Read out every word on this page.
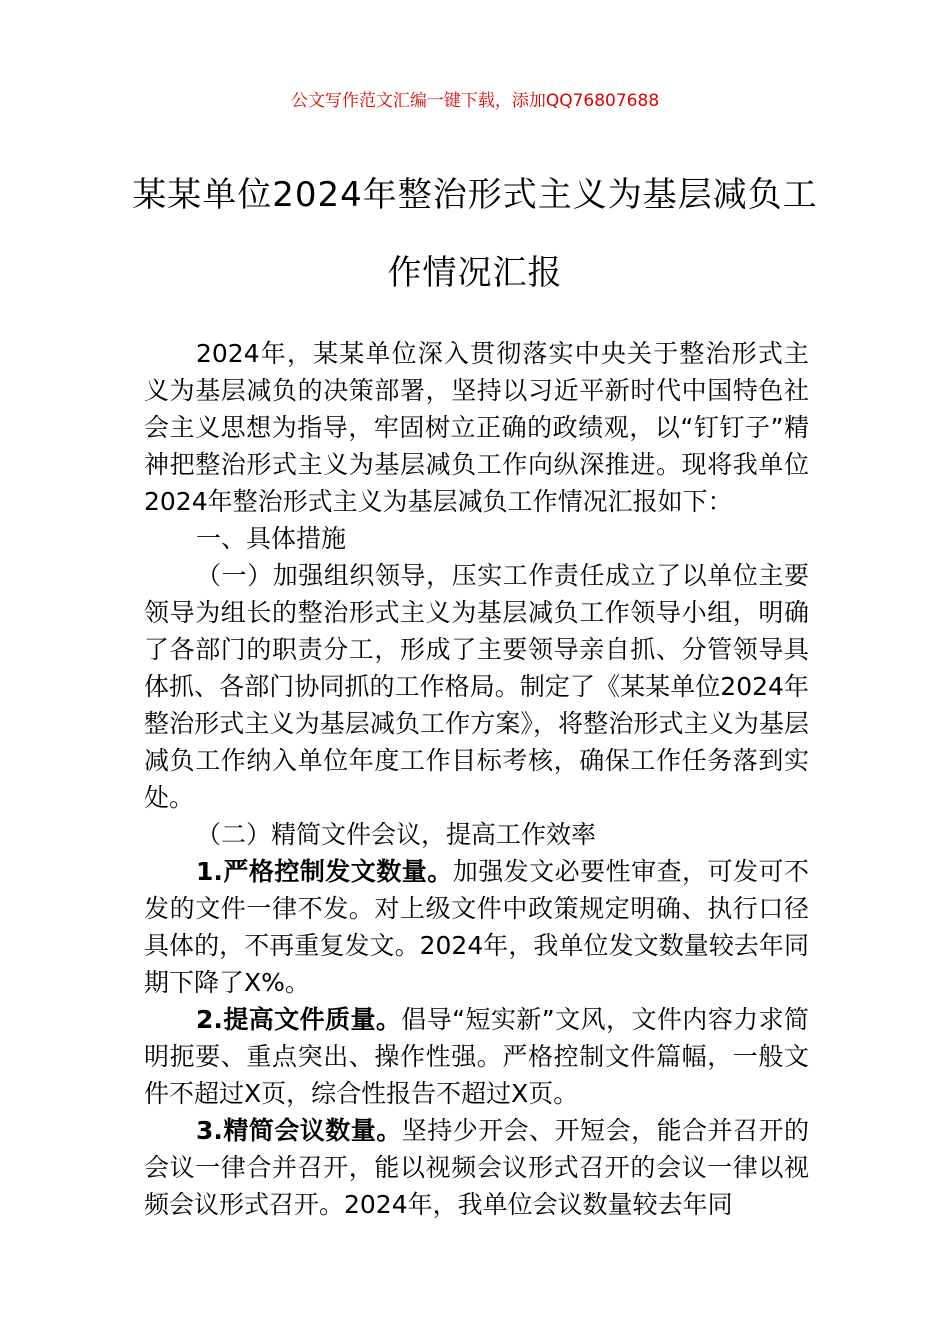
公文写作范文汇编一键下载，添加QQ76807688
某某单位2024年整治形式主义为基层减负工作情况汇报

2024年，某某单位深入贯彻落实中央关于整治形式主义为基层减负的决策部署，坚持以习近平新时代中国特色社会主义思想为指导，牢固树立正确的政绩观，以“钉钉子”精神把整治形式主义为基层减负工作向纵深推进。现将我单位2024年整治形式主义为基层减负工作情况汇报如下：

一、具体措施

（一）加强组织领导，压实工作责任成立了以单位主要领导为组长的整治形式主义为基层减负工作领导小组，明确了各部门的职责分工，形成了主要领导亲自抓、分管领导具体抓、各部门协同抓的工作格局。制定了《某某单位2024年整治形式主义为基层减负工作方案》，将整治形式主义为基层减负工作纳入单位年度工作目标考核，确保工作任务落到实处。

（二）精简文件会议，提高工作效率

1.严格控制发文数量。加强发文必要性审查，可发可不发的文件一律不发。对上级文件中政策规定明确、执行口径具体的，不再重复发文。2024年，我单位发文数量较去年同期下降了X%。

2.提高文件质量。倡导“短实新”文风，文件内容力求简明扼要、重点突出、操作性强。严格控制文件篇幅，一般文件不超过X页，综合性报告不超过X页。

3.精简会议数量。坚持少开会、开短会，能合并召开的会议一律合并召开，能以视频会议形式召开的会议一律以视频会议形式召开。2024年，我单位会议数量较去年同
